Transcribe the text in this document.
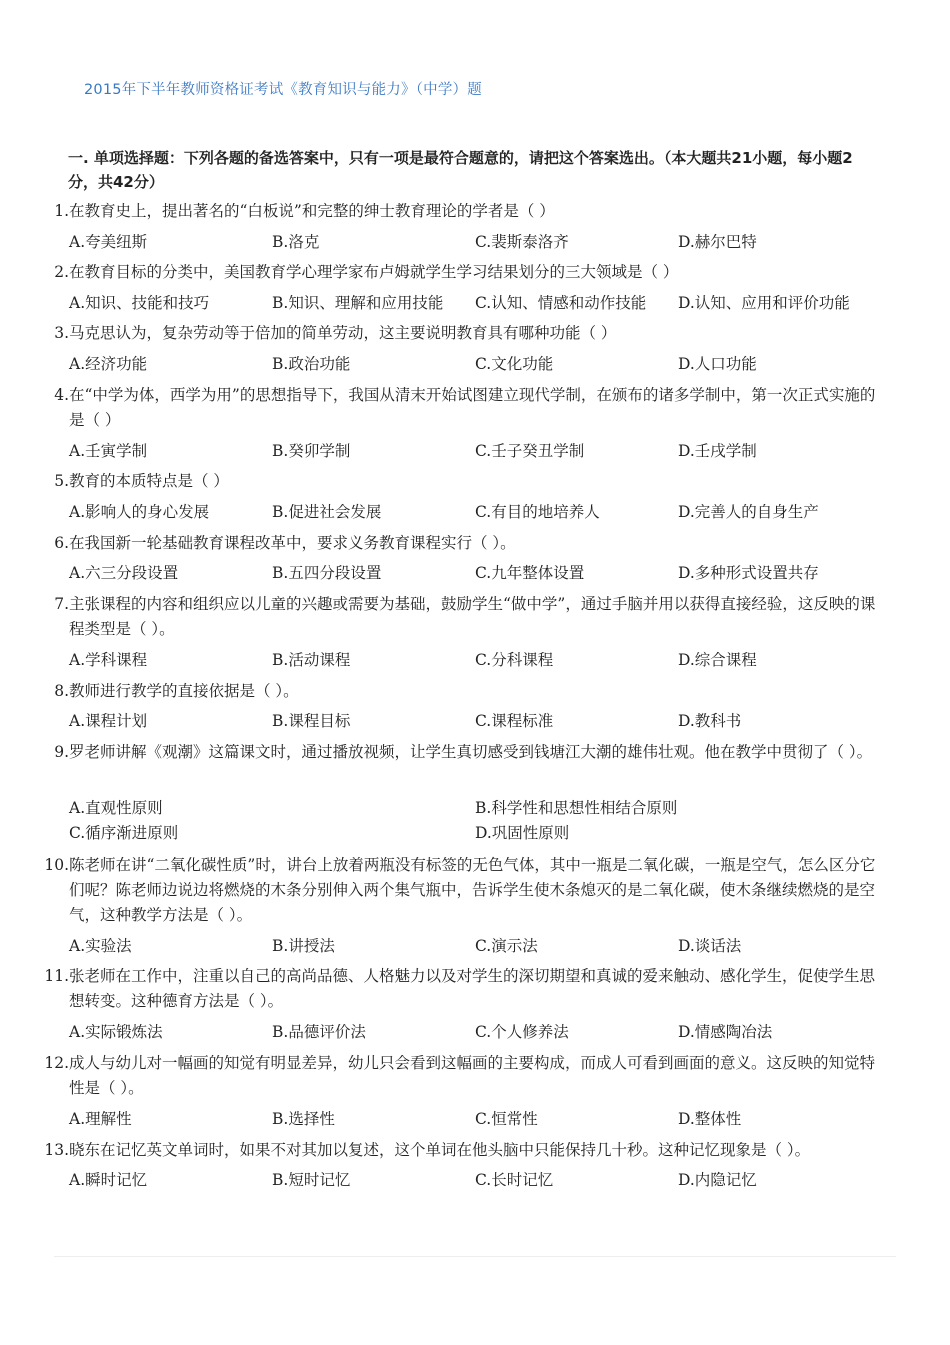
2015年下半年教师资格证考试《教育知识与能力》（中学）题
一. 单项选择题：下列各题的备选答案中，只有一项是最符合题意的，请把这个答案选出。（本大题共21小题，每小题2分，共42分）
1.在教育史上，提出著名的“白板说”和完整的绅士教育理论的学者是（ ）
A.夸美纽斯	B.洛克	C.裴斯泰洛齐	D.赫尔巴特
2.在教育目标的分类中，美国教育学心理学家布卢姆就学生学习结果划分的三大领域是（ ）
A.知识、技能和技巧	B.知识、理解和应用技能 C.认知、情感和动作技能 D.认知、应用和评价功能
3.马克思认为，复杂劳动等于倍加的简单劳动，这主要说明教育具有哪种功能（ ）
A.经济功能	B.政治功能	C.文化功能	D.人口功能
4.在“中学为体，西学为用”的思想指导下，我国从清末开始试图建立现代学制，在颁布的诸多学制中，第一次正式实施的是（ ）
A.壬寅学制	B.癸卯学制	C.壬子癸丑学制	D.壬戌学制
5.教育的本质特点是（ ）
A.影响人的身心发展	B.促进社会发展	C.有目的地培养人	D.完善人的自身生产
6.在我国新一轮基础教育课程改革中，要求义务教育课程实行（ ）。
A.六三分段设置	B.五四分段设置	C.九年整体设置	D.多种形式设置共存
7.主张课程的内容和组织应以儿童的兴趣或需要为基础，鼓励学生“做中学”，通过手脑并用以获得直接经验，这反映的课程类型是（ ）。
A.学科课程	B.活动课程	C.分科课程	D.综合课程
8.教师进行教学的直接依据是（ ）。
A.课程计划	B.课程目标	C.课程标准	D.教科书
9.罗老师讲解《观潮》这篇课文时，通过播放视频，让学生真切感受到钱塘江大潮的雄伟壮观。他在教学中贯彻了（ ）。
A.直观性原则	B.科学性和思想性相结合原则
C.循序渐进原则	D.巩固性原则
10.陈老师在讲“二氧化碳性质”时，讲台上放着两瓶没有标签的无色气体，其中一瓶是二氧化碳，一瓶是空气，怎么区分它们呢？陈老师边说边将燃烧的木条分别伸入两个集气瓶中，告诉学生使木条熄灭的是二氧化碳，使木条继续燃烧的是空气，这种教学方法是（ ）。
A.实验法	B.讲授法	C.演示法	D.谈话法
11.张老师在工作中，注重以自己的高尚品德、人格魅力以及对学生的深切期望和真诚的爱来触动、感化学生，促使学生思想转变。这种德育方法是（ ）。
A.实际锻炼法	B.品德评价法	C.个人修养法	D.情感陶冶法
12.成人与幼儿对一幅画的知觉有明显差异，幼儿只会看到这幅画的主要构成，而成人可看到画面的意义。这反映的知觉特性是（ ）。
A.理解性	B.选择性	C.恒常性	D.整体性
13.晓东在记忆英文单词时，如果不对其加以复述，这个单词在他头脑中只能保持几十秒。这种记忆现象是（ ）。
A.瞬时记忆	B.短时记忆	C.长时记忆	D.内隐记忆
